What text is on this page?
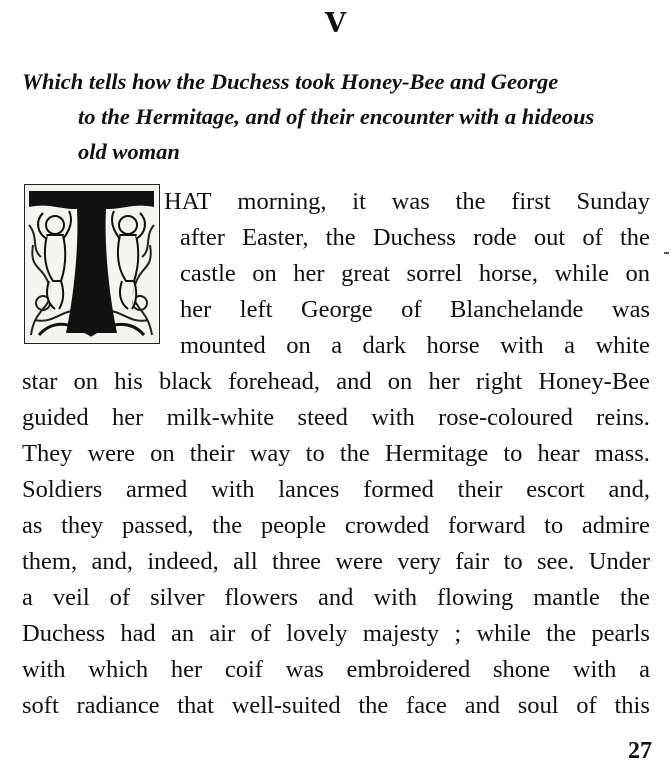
V
Which tells how the Duchess took Honey-Bee and George
to the Hermitage, and of their encounter with a hideous
old woman
HAT morning, it was the first Sunday
after Easter, the Duchess rode out of the
castle on her great sorrel horse, while on
her left George of Blanchelande was
mounted on a dark horse with a white
star on his black forehead, and on her right Honey-Bee
guided her milk-white steed with rose-coloured reins.
They were on their way to the Hermitage to hear mass.
Soldiers armed with lances formed their escort and,
as they passed, the people crowded forward to admire
them, and, indeed, all three were very fair to see. Under
a veil of silver flowers and with flowing mantle the
Duchess had an air of lovely majesty ; while the pearls
with which her coif was embroidered shone with a
soft radiance that well-suited the face and soul of this
27
